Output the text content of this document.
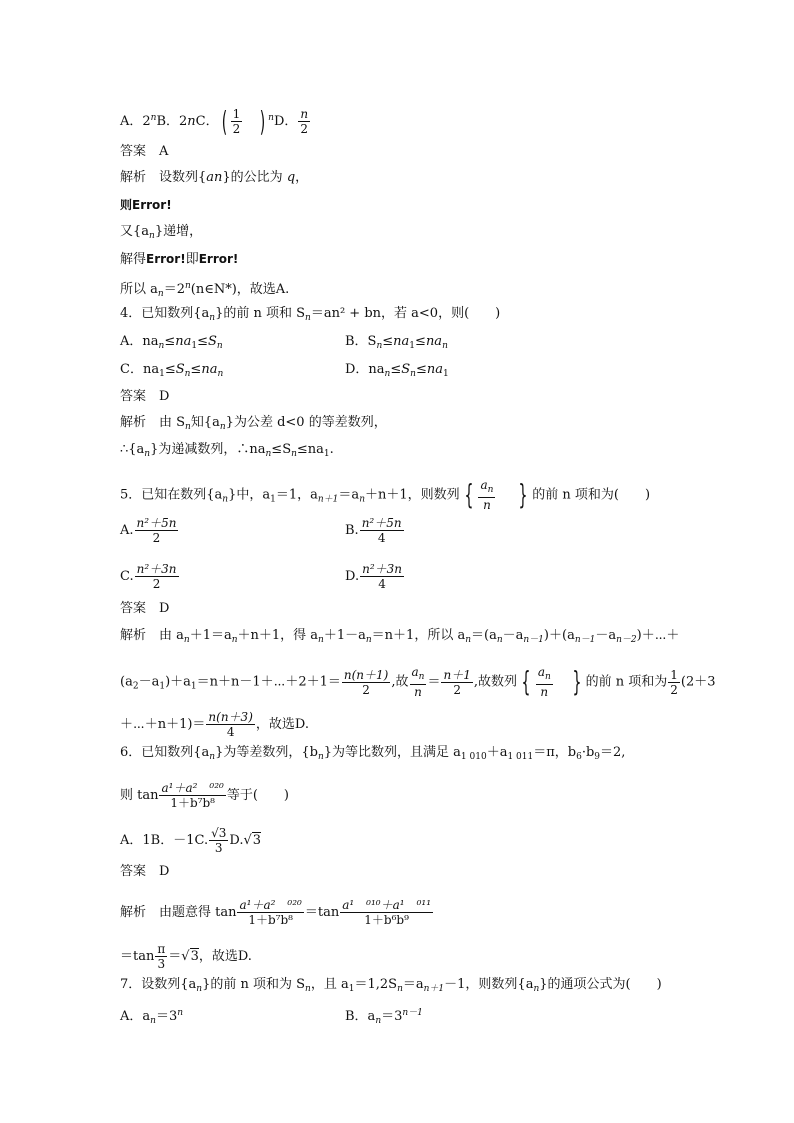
A．2$^n$B．2nC．( $\frac{1}{2}$ ) $^n$D． $\frac{n}{2}$
答案　A
解析　设数列{an}的公比为 q，
则Error!
又$\{a_n\}$递增，
解得Error!即Error!
所以 $a_n=2^n(n\in N*)$，故选A.
4．已知数列$\{a_n\}$的前 n 项和 $S_n=an^2$ + bn，若 a<0，则(　　)
A．$na_n\le na_1\le S_n$	B．$S_n\le na_1\le na_n$
C．$na_1\le S_n\le na_n$	D．$na_n\le S_n\le na_1$
答案　D
解析　由 $S_n$知$\{a_n\}$为公差 d<0 的等差数列，
$\therefore\{a_n\}$为递减数列，$\therefore na_n\le S_n\le na_1$.
5．已知在数列$\{a_n\}$中，$a_1=1$，$a_{n+1}=a_n+n+1$，则数列 { $\frac{a_n}{n}$ } 的前 n 项和为(　　)
A. $\frac{\text{n²＋5n}}{2}$	B. $\frac{\text{n²＋5n}}{4}$
C. $\frac{\text{n²＋3n}}{2}$	D. $\frac{\text{n²＋3n}}{4}$
答案　D
解析　由 $a_n+1=a_n+n+1$，得 $a_n+1-a_n=n+1$，所以 $a_n=(a_n-a_{n-1})+(a_{n-1}-a_{n-2})+\cdots+$
$(a_2-a_1)+a_1=n+n-1+\cdots+2+1= \frac{n(n+1)}{2}$ ,故 $\frac{a_n}{n} = \frac{n+1}{2}$ ,故数列 { $\frac{a_n}{n}$ } 的前 n 项和为 $\frac{1}{2} (2+3$
＋⋯＋n＋1)＝ $\frac{n(n+3)}{4}$ ，故选D.
6．已知数列$\{a_n\}$为等差数列，$\{b_n\}$为等比数列，且满足 $a_{1 010}+a_{1 011}=\pi$，$b_6\cdot b_9=2$,
则 $\tan \frac{\text{a¹＋a²　⁰²⁰}}{\text{1＋b⁷b⁸}}$ 等于(　　)
A．1B．－1C. $\frac{√3}{3} D.√3$
答案　D
解析　由题意得 $\tan \frac{\text{a¹＋a²　⁰²⁰}}{\text{1＋b⁷b⁸}} =\tan \frac{\text{a¹　⁰¹⁰＋a¹　⁰¹¹}}{\text{1＋b⁶b⁹}}$
$=\tan \frac{\pi}{3} =√3$，故选D.
7．设数列$\{a_n\}$的前 n 项和为 $S_n$，且 $a_1=1,2S_n=a_{n+1}-1$，则数列$\{a_n\}$的通项公式为(　　)
A．$a_n=3^n$	B．$a_n=3^{n-1}$
